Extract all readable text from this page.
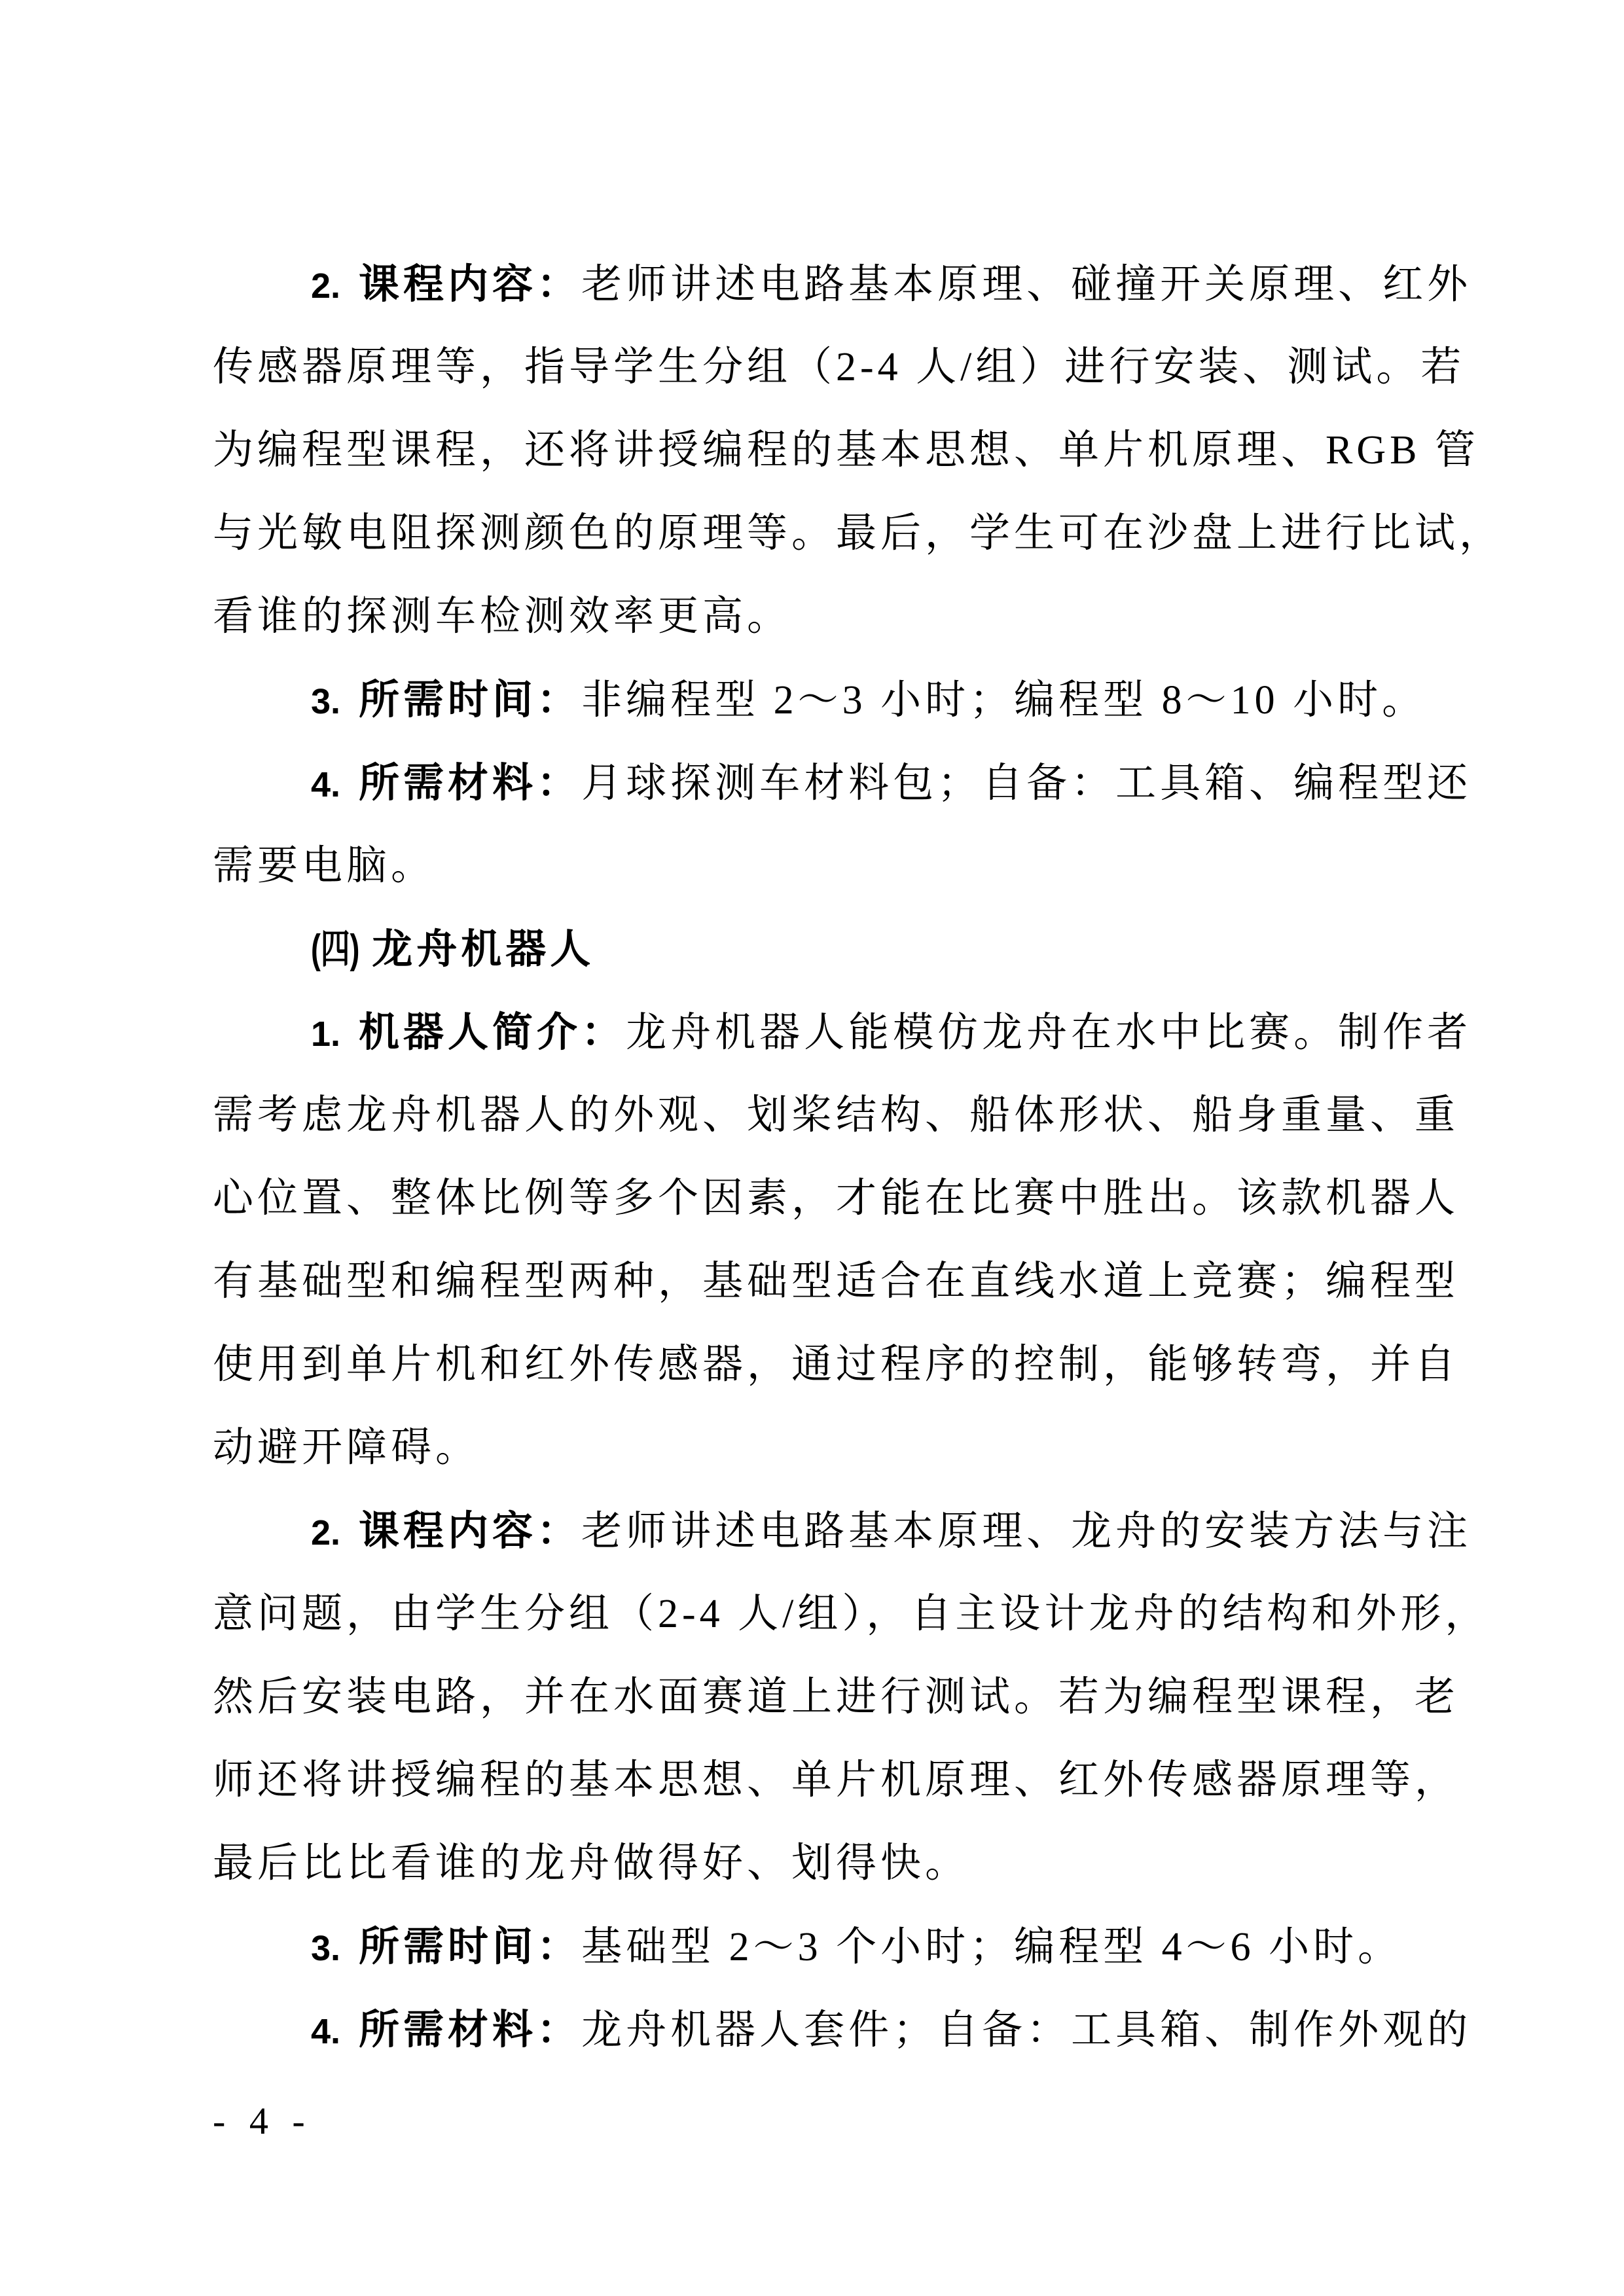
2. 课程内容：老师讲述电路基本原理、碰撞开关原理、红外
传感器原理等，指导学生分组（2-4 人/组）进行安装、测试。若
为编程型课程，还将讲授编程的基本思想、单片机原理、RGB 管
与光敏电阻探测颜色的原理等。最后，学生可在沙盘上进行比试，
看谁的探测车检测效率更高。
3. 所需时间：非编程型 2～3 小时；编程型 8～10 小时。
4. 所需材料：月球探测车材料包；自备：工具箱、编程型还
需要电脑。
(四) 龙舟机器人
1. 机器人简介：龙舟机器人能模仿龙舟在水中比赛。制作者
需考虑龙舟机器人的外观、划桨结构、船体形状、船身重量、重
心位置、整体比例等多个因素，才能在比赛中胜出。该款机器人
有基础型和编程型两种，基础型适合在直线水道上竞赛；编程型
使用到单片机和红外传感器，通过程序的控制，能够转弯，并自
动避开障碍。
2. 课程内容：老师讲述电路基本原理、龙舟的安装方法与注
意问题，由学生分组（2-4 人/组），自主设计龙舟的结构和外形，
然后安装电路，并在水面赛道上进行测试。若为编程型课程，老
师还将讲授编程的基本思想、单片机原理、红外传感器原理等，
最后比比看谁的龙舟做得好、划得快。
3. 所需时间：基础型 2～3 个小时；编程型 4～6 小时。
4. 所需材料：龙舟机器人套件；自备：工具箱、制作外观的
- 4 -
